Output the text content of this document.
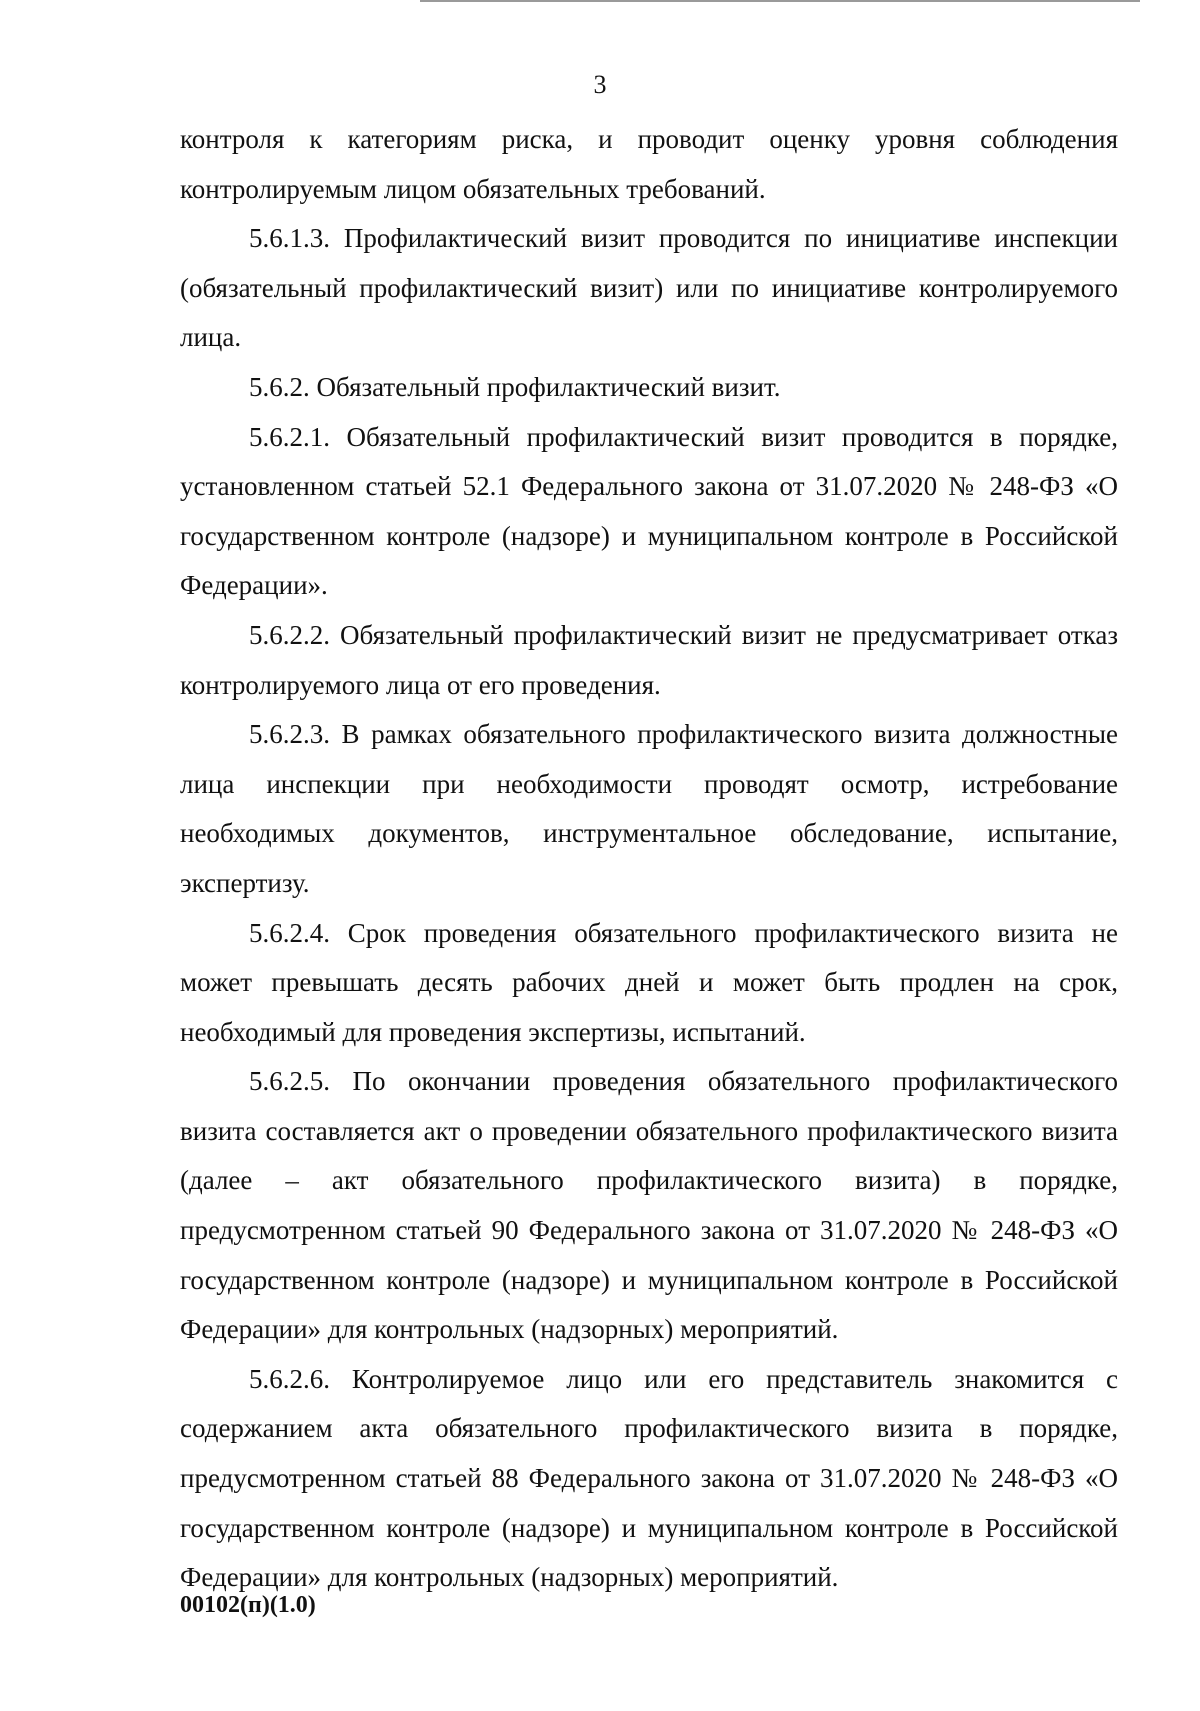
3

контроля к категориям риска, и проводит оценку уровня соблюдения контролируемым лицом обязательных требований.

5.6.1.3. Профилактический визит проводится по инициативе инспекции (обязательный профилактический визит) или по инициативе контролируемого лица.

5.6.2. Обязательный профилактический визит.

5.6.2.1. Обязательный профилактический визит проводится в порядке, установленном статьей 52.1 Федерального закона от 31.07.2020 № 248-ФЗ «О государственном контроле (надзоре) и муниципальном контроле в Российской Федерации».

5.6.2.2. Обязательный профилактический визит не предусматривает отказ контролируемого лица от его проведения.

5.6.2.3. В рамках обязательного профилактического визита должностные лица инспекции при необходимости проводят осмотр, истребование необходимых документов, инструментальное обследование, испытание, экспертизу.

5.6.2.4. Срок проведения обязательного профилактического визита не может превышать десять рабочих дней и может быть продлен на срок, необходимый для проведения экспертизы, испытаний.

5.6.2.5. По окончании проведения обязательного профилактического визита составляется акт о проведении обязательного профилактического визита (далее – акт обязательного профилактического визита) в порядке, предусмотренном статьей 90 Федерального закона от 31.07.2020 № 248-ФЗ «О государственном контроле (надзоре) и муниципальном контроле в Российской Федерации» для контрольных (надзорных) мероприятий.

5.6.2.6. Контролируемое лицо или его представитель знакомится с содержанием акта обязательного профилактического визита в порядке, предусмотренном статьей 88 Федерального закона от 31.07.2020 № 248-ФЗ «О государственном контроле (надзоре) и муниципальном контроле в Российской Федерации» для контрольных (надзорных) мероприятий.

00102(п)(1.0)
